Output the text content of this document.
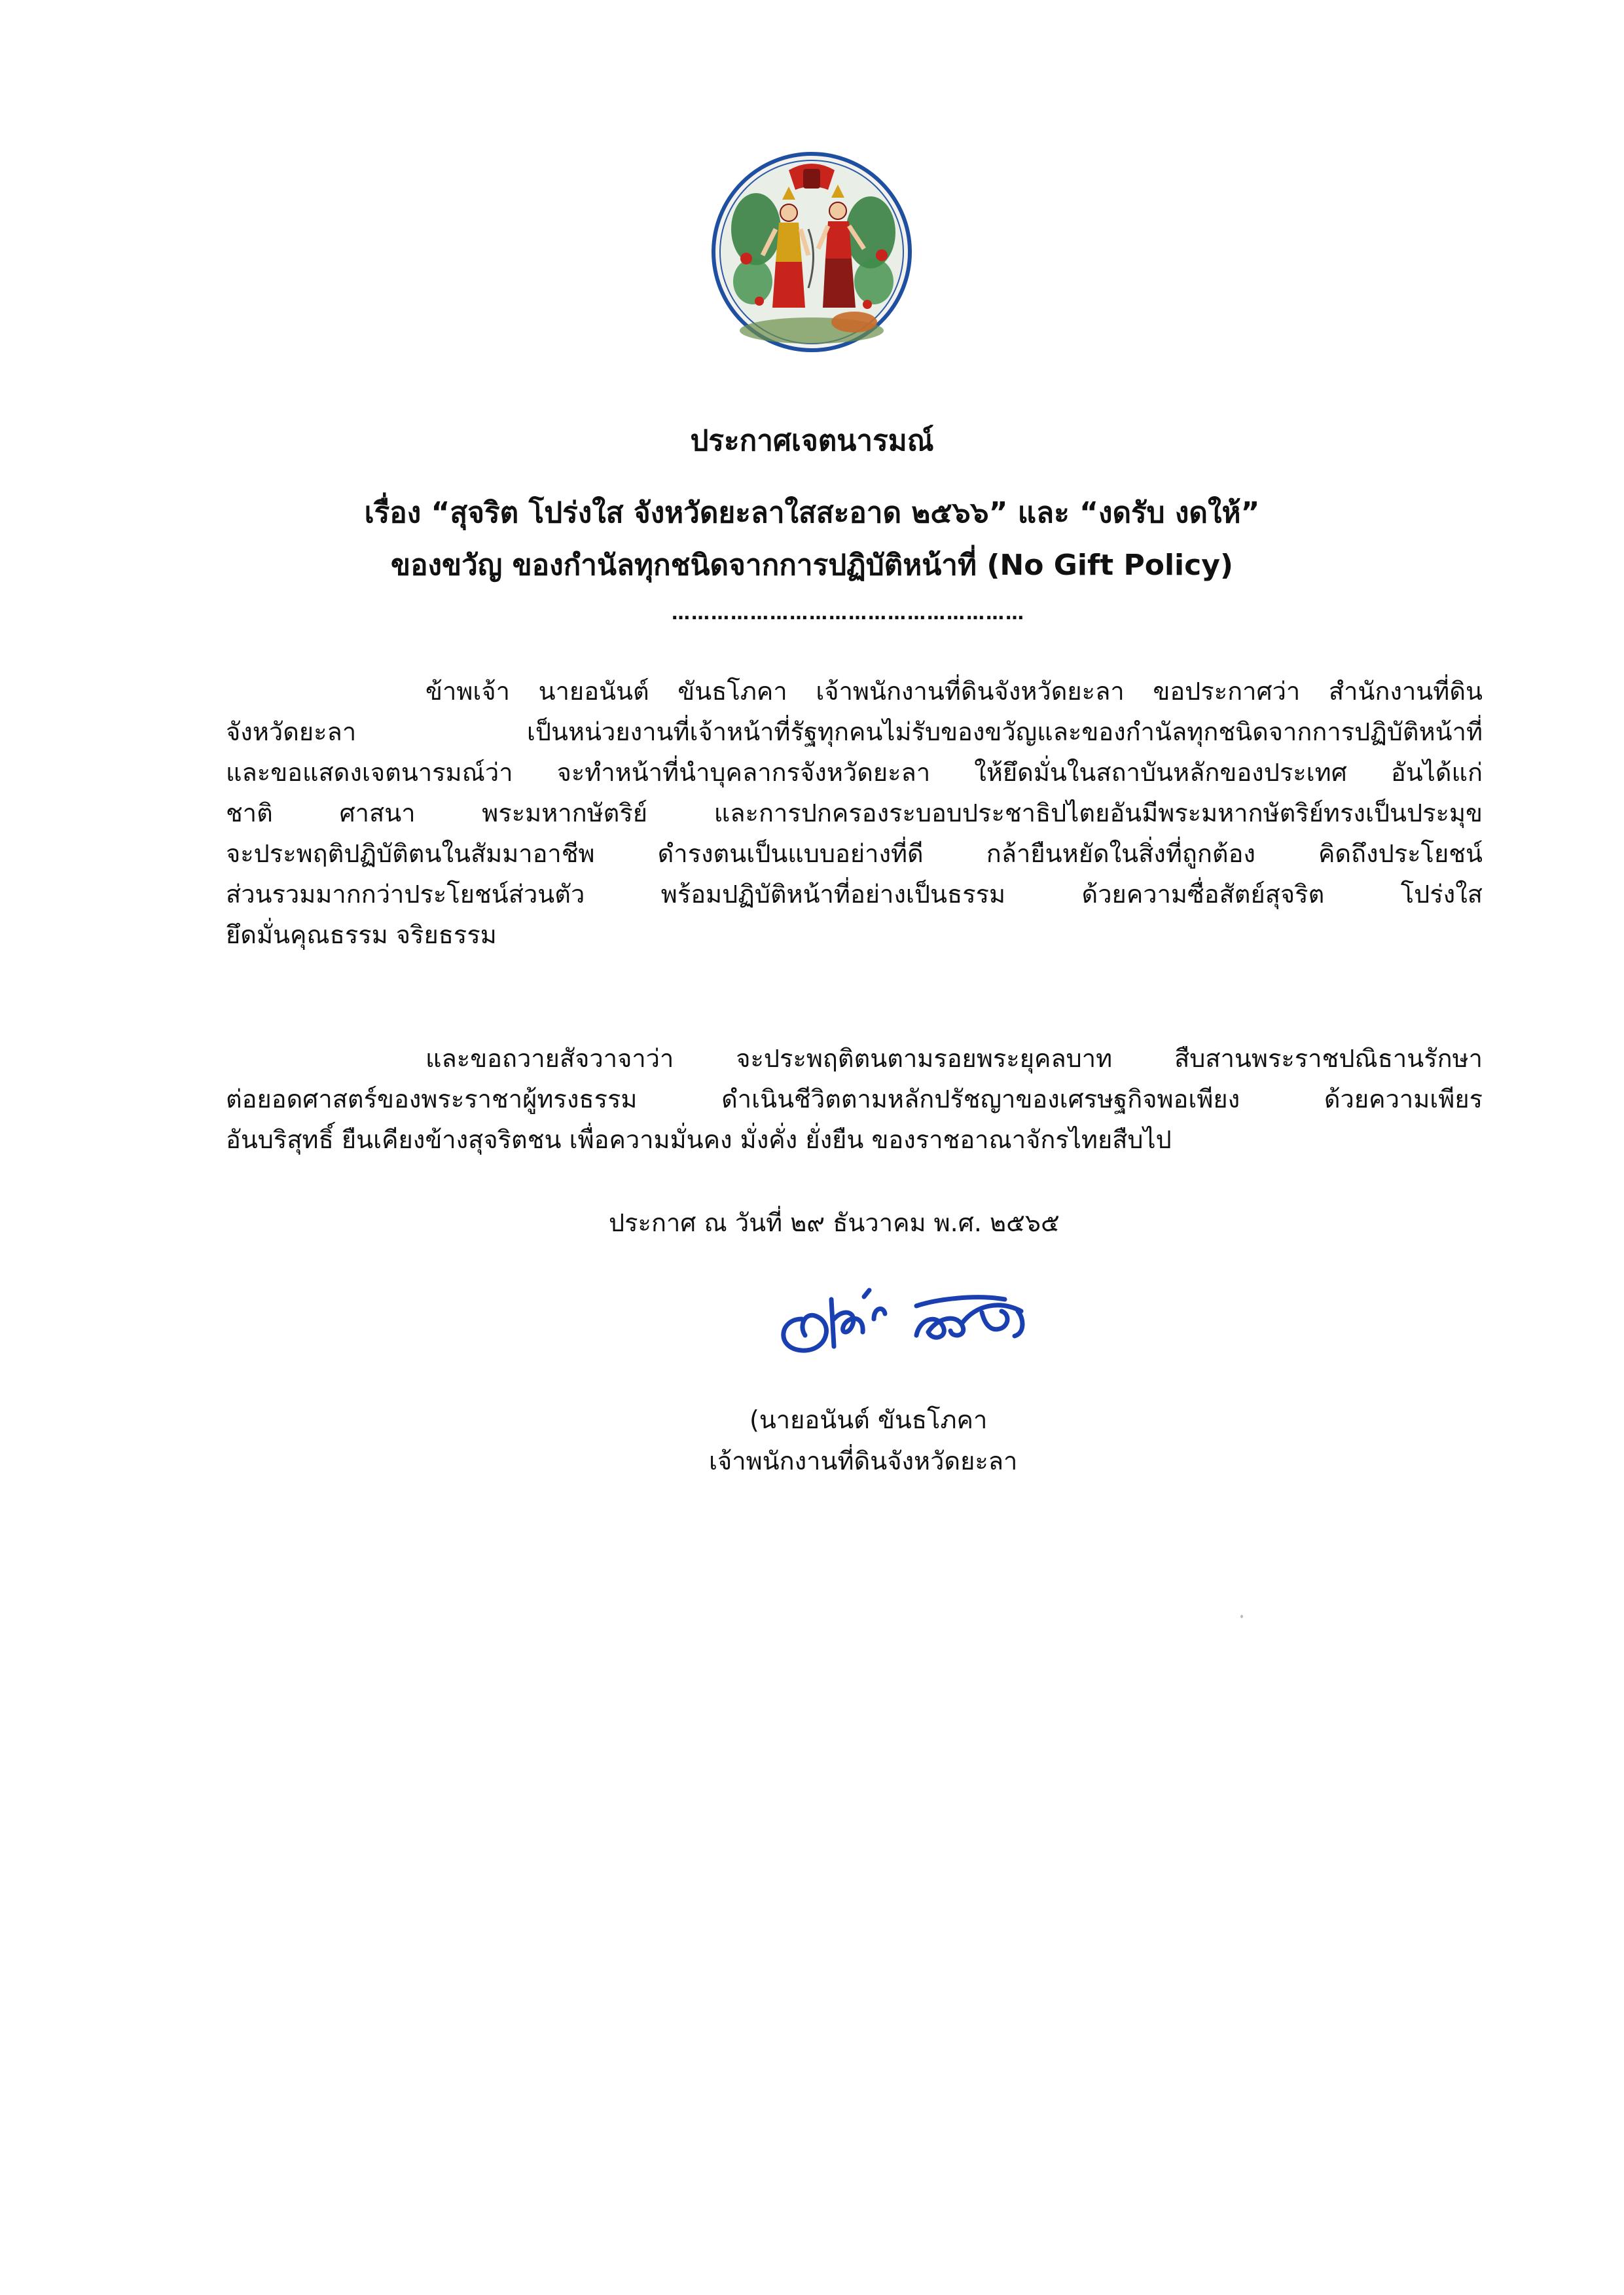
ประกาศเจตนารมณ์
เรื่อง “สุจริต โปร่งใส จังหวัดยะลาใสสะอาด ๒๕๖๖” และ “งดรับ งดให้”
ของขวัญ ของกำนัลทุกชนิดจากการปฏิบัติหน้าที่ (No Gift Policy)
………………………………………………
ข้าพเจ้า นายอนันต์ ขันธโภคา เจ้าพนักงานที่ดินจังหวัดยะลา ขอประกาศว่า สำนักงานที่ดิน
จังหวัดยะลา เป็นหน่วยงานที่เจ้าหน้าที่รัฐทุกคนไม่รับของขวัญและของกำนัลทุกชนิดจากการปฏิบัติหน้าที่
และขอแสดงเจตนารมณ์ว่า จะทำหน้าที่นำบุคลากรจังหวัดยะลา ให้ยึดมั่นในสถาบันหลักของประเทศ อันได้แก่
ชาติ ศาสนา พระมหากษัตริย์ และการปกครองระบอบประชาธิปไตยอันมีพระมหากษัตริย์ทรงเป็นประมุข
จะประพฤติปฏิบัติตนในสัมมาอาชีพ ดำรงตนเป็นแบบอย่างที่ดี กล้ายืนหยัดในสิ่งที่ถูกต้อง คิดถึงประโยชน์
ส่วนรวมมากกว่าประโยชน์ส่วนตัว พร้อมปฏิบัติหน้าที่อย่างเป็นธรรม ด้วยความซื่อสัตย์สุจริต โปร่งใส
ยึดมั่นคุณธรรม จริยธรรม
และขอถวายสัจวาจาว่า จะประพฤติตนตามรอยพระยุคลบาท สืบสานพระราชปณิธานรักษา
ต่อยอดศาสตร์ของพระราชาผู้ทรงธรรม ดำเนินชีวิตตามหลักปรัชญาของเศรษฐกิจพอเพียง ด้วยความเพียร
อันบริสุทธิ์ ยืนเคียงข้างสุจริตชน เพื่อความมั่นคง มั่งคั่ง ยั่งยืน ของราชอาณาจักรไทยสืบไป
ประกาศ ณ วันที่ ๒๙ ธันวาคม พ.ศ. ๒๕๖๕
(นายอนันต์ ขันธโภคา
เจ้าพนักงานที่ดินจังหวัดยะลา
